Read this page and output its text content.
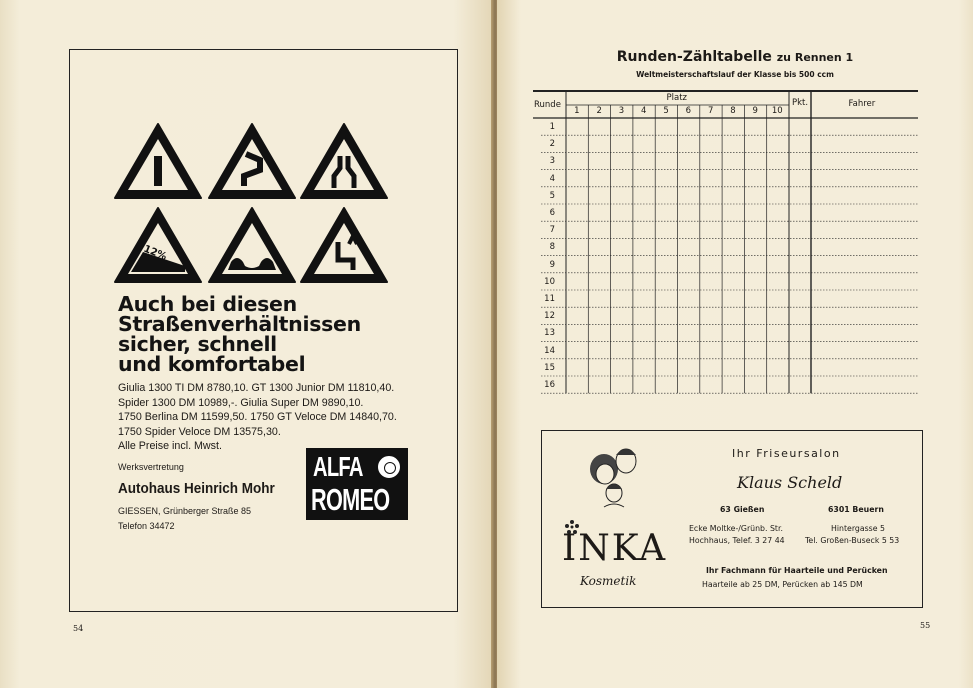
12%
Auch bei diesen
Straßenverhältnissen
sicher, schnell
und komfortabel
Giulia 1300 TI DM 8780,10. GT 1300 Junior DM 11810,40.
Spider 1300 DM 10989,-. Giulia Super DM 9890,10.
1750 Berlina DM 11599,50. 1750 GT Veloce DM 14840,70.
1750 Spider Veloce DM 13575,30.
Alle Preise incl. Mwst.
Werksvertretung
Autohaus Heinrich Mohr
GIESSEN, Grünberger Straße 85
Telefon 34472
ALFA
ROMEO
54
Runden-Zähltabelle zu Rennen 1
Weltmeisterschaftslauf der Klasse bis 500 ccm
Runde
Platz
1 2 3 4 5 6 7 8 9 10
Pkt.	Fahrer
1
2
3
4
5
6
7
8
9
10
11
12
13
14
15
16
Ihr Friseursalon
Klaus Scheld
63 Gießen	6301 Beuern
Ecke Moltke-/Grünb. Str.
Hochhaus, Telef. 3 27 44
Hintergasse 5
Tel. Großen-Buseck 5 53
Ihr Fachmann für Haarteile und Perücken
Haarteile ab 25 DM, Perücken ab 145 DM
INKA
Kosmetik
55
